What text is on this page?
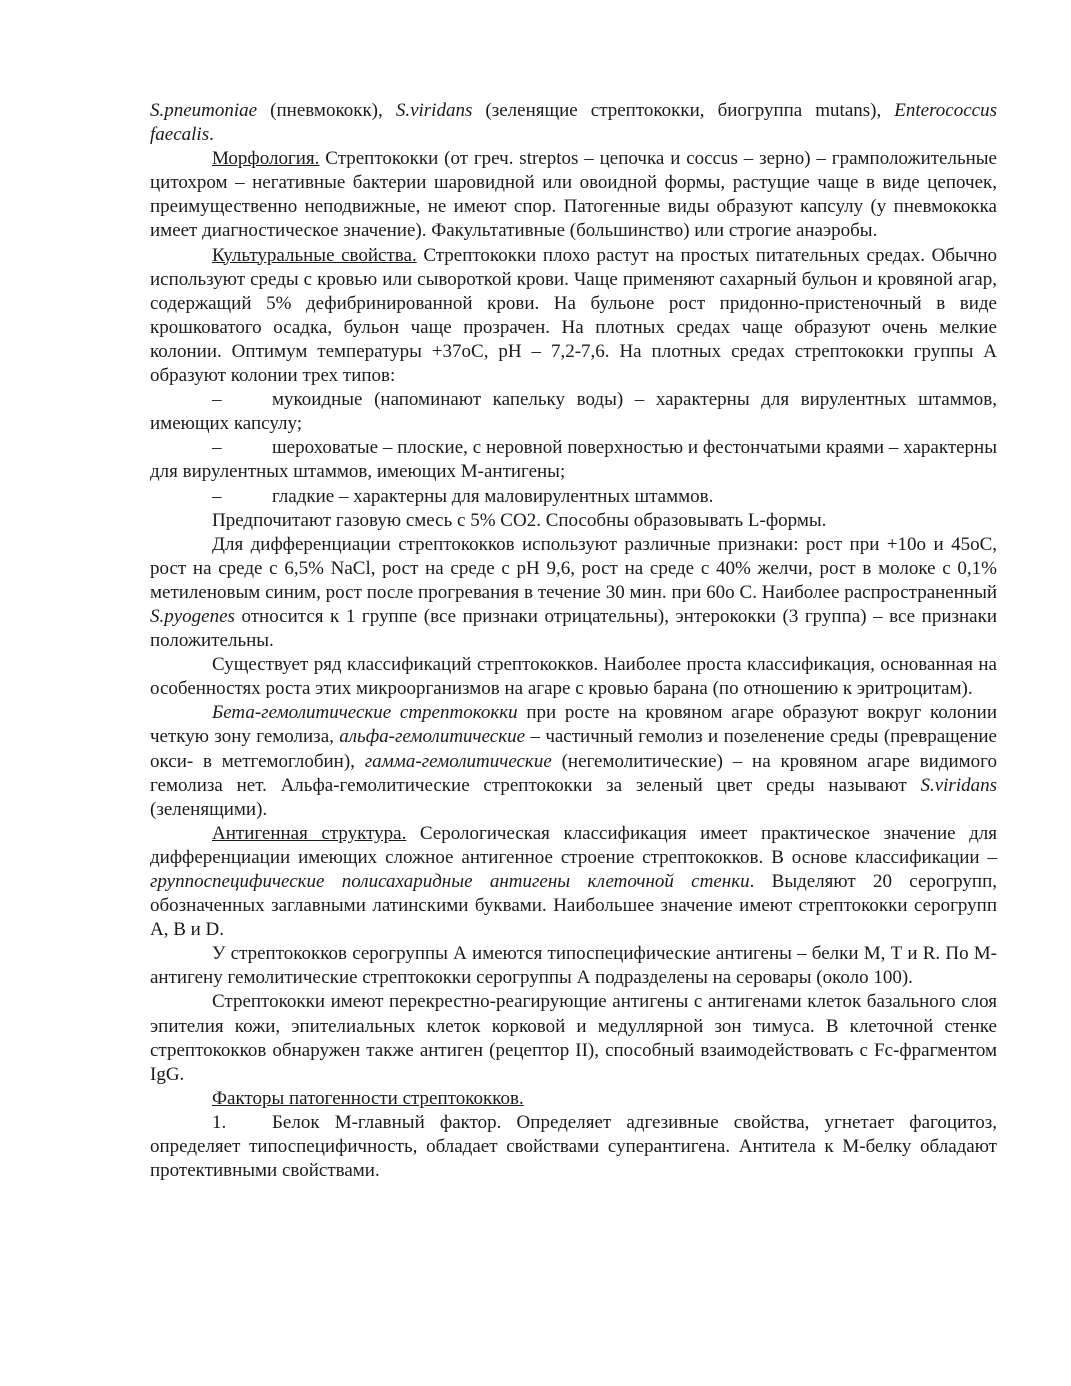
S.pneumoniae (пневмококк), S.viridans (зеленящие стрептококки, биогруппа mutans), Enterococcus faecalis.

Морфология. Стрептококки (от греч. streptos – цепочка и coccus – зерно) – грамположительные цитохром – негативные бактерии шаровидной или овоидной формы, растущие чаще в виде цепочек, преимущественно неподвижные, не имеют спор. Патогенные виды образуют капсулу (у пневмококка имеет диагностическое значение). Факультативные (большинство) или строгие анаэробы.

Культуральные свойства. Стрептококки плохо растут на простых питательных средах. Обычно используют среды с кровью или сывороткой крови. Чаще применяют сахарный бульон и кровяной агар, содержащий 5% дефибринированной крови. На бульоне рост придонно-пристеночный в виде крошковатого осадка, бульон чаще прозрачен. На плотных средах чаще образуют очень мелкие колонии. Оптимум температуры +37оС, рН – 7,2-7,6. На плотных средах стрептококки группы А образуют колонии трех типов:

–	мукоидные (напоминают капельку воды) – характерны для вирулентных штаммов, имеющих капсулу;

–	шероховатые – плоские, с неровной поверхностью и фестончатыми краями – характерны для вирулентных штаммов, имеющих М-антигены;

–	гладкие – характерны для маловирулентных штаммов.

Предпочитают газовую смесь с 5% СО2. Способны образовывать L-формы.

Для дифференциации стрептококков используют различные признаки: рост при +10о и 45оС, рост на среде с 6,5% NaCl, рост на среде с рН 9,6, рост на среде с 40% желчи, рост в молоке с 0,1% метиленовым синим, рост после прогревания в течение 30 мин. при 60о С. Наиболее распространенный S.pyogenes относится к 1 группе (все признаки отрицательны), энтерококки (3 группа) – все признаки положительны.

Существует ряд классификаций стрептококков. Наиболее проста классификация, основанная на особенностях роста этих микроорганизмов на агаре с кровью барана (по отношению к эритроцитам).

Бета-гемолитические стрептококки при росте на кровяном агаре образуют вокруг колонии четкую зону гемолиза, альфа-гемолитические – частичный гемолиз и позеленение среды (превращение окси- в метгемоглобин), гамма-гемолитические (негемолитические) – на кровяном агаре видимого гемолиза нет. Альфа-гемолитические стрептококки за зеленый цвет среды называют S.viridans (зеленящими).

Антигенная структура. Серологическая классификация имеет практическое значение для дифференциации имеющих сложное антигенное строение стрептококков. В основе классификации – группоспецифические полисахаридные антигены клеточной стенки. Выделяют 20 серогрупп, обозначенных заглавными латинскими буквами. Наибольшее значение имеют стрептококки серогрупп А, В и D.

У стрептококков серогруппы А имеются типоспецифические антигены – белки М, Т и R. По М-антигену гемолитические стрептококки серогруппы А подразделены на серовары (около 100).

Стрептококки имеют перекрестно-реагирующие антигены с антигенами клеток базального слоя эпителия кожи, эпителиальных клеток корковой и медуллярной зон тимуса. В клеточной стенке стрептококков обнаружен также антиген (рецептор II), способный взаимодействовать с Fc-фрагментом IgG.

Факторы патогенности стрептококков.

1. Белок М-главный фактор. Определяет адгезивные свойства, угнетает фагоцитоз, определяет типоспецифичность, обладает свойствами суперантигена. Антитела к М-белку обладают протективными свойствами.
